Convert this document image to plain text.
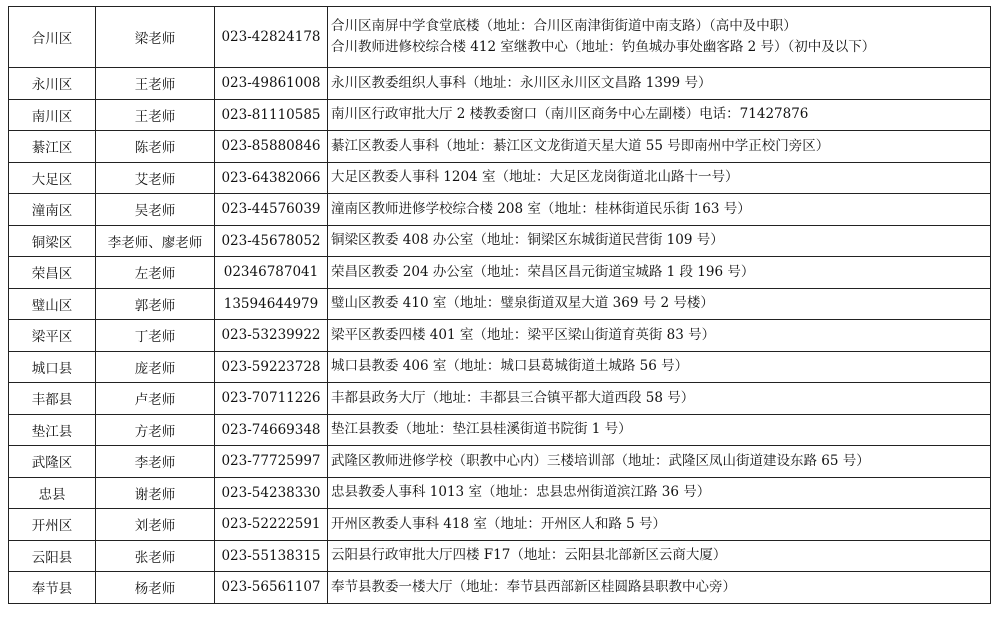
合川区	梁老师	023-42824178	合川区南屏中学食堂底楼（地址：合川区南津街街道中南支路）（高中及中职）
合川教师进修校综合楼 412 室继教中心（地址：钓鱼城办事处幽客路 2 号）（初中及以下）

永川区	王老师	023-49861008	永川区教委组织人事科（地址：永川区永川区文昌路 1399 号）

南川区	王老师	023-81110585	南川区行政审批大厅 2 楼教委窗口（南川区商务中心左副楼）电话：71427876

綦江区	陈老师	023-85880846	綦江区教委人事科（地址：綦江区文龙街道天星大道 55 号即南州中学正校门旁区）

大足区	艾老师	023-64382066	大足区教委人事科 1204 室（地址：大足区龙岗街道北山路十一号）

潼南区	吴老师	023-44576039	潼南区教师进修学校综合楼 208 室（地址：桂林街道民乐街 163 号）

铜梁区	李老师、廖老师	023-45678052	铜梁区教委 408 办公室（地址：铜梁区东城街道民营街 109 号）

荣昌区	左老师	02346787041	荣昌区教委 204 办公室（地址：荣昌区昌元街道宝城路 1 段 196 号）

璧山区	郭老师	13594644979	璧山区教委 410 室（地址：璧泉街道双星大道 369 号 2 号楼）

梁平区	丁老师	023-53239922	梁平区教委四楼 401 室（地址：梁平区梁山街道育英街 83 号）

城口县	庞老师	023-59223728	城口县教委 406 室（地址：城口县葛城街道土城路 56 号）

丰都县	卢老师	023-70711226	丰都县政务大厅（地址：丰都县三合镇平都大道西段 58 号）

垫江县	方老师	023-74669348	垫江县教委（地址：垫江县桂溪街道书院街 1 号）

武隆区	李老师	023-77725997	武隆区教师进修学校（职教中心内）三楼培训部（地址：武隆区凤山街道建设东路 65 号）

忠县	谢老师	023-54238330	忠县教委人事科 1013 室（地址：忠县忠州街道滨江路 36 号）

开州区	刘老师	023-52222591	开州区教委人事科 418 室（地址：开州区人和路 5 号）

云阳县	张老师	023-55138315	云阳县行政审批大厅四楼 F17（地址：云阳县北部新区云商大厦）

奉节县	杨老师	023-56561107	奉节县教委一楼大厅（地址：奉节县西部新区桂圆路县职教中心旁）
